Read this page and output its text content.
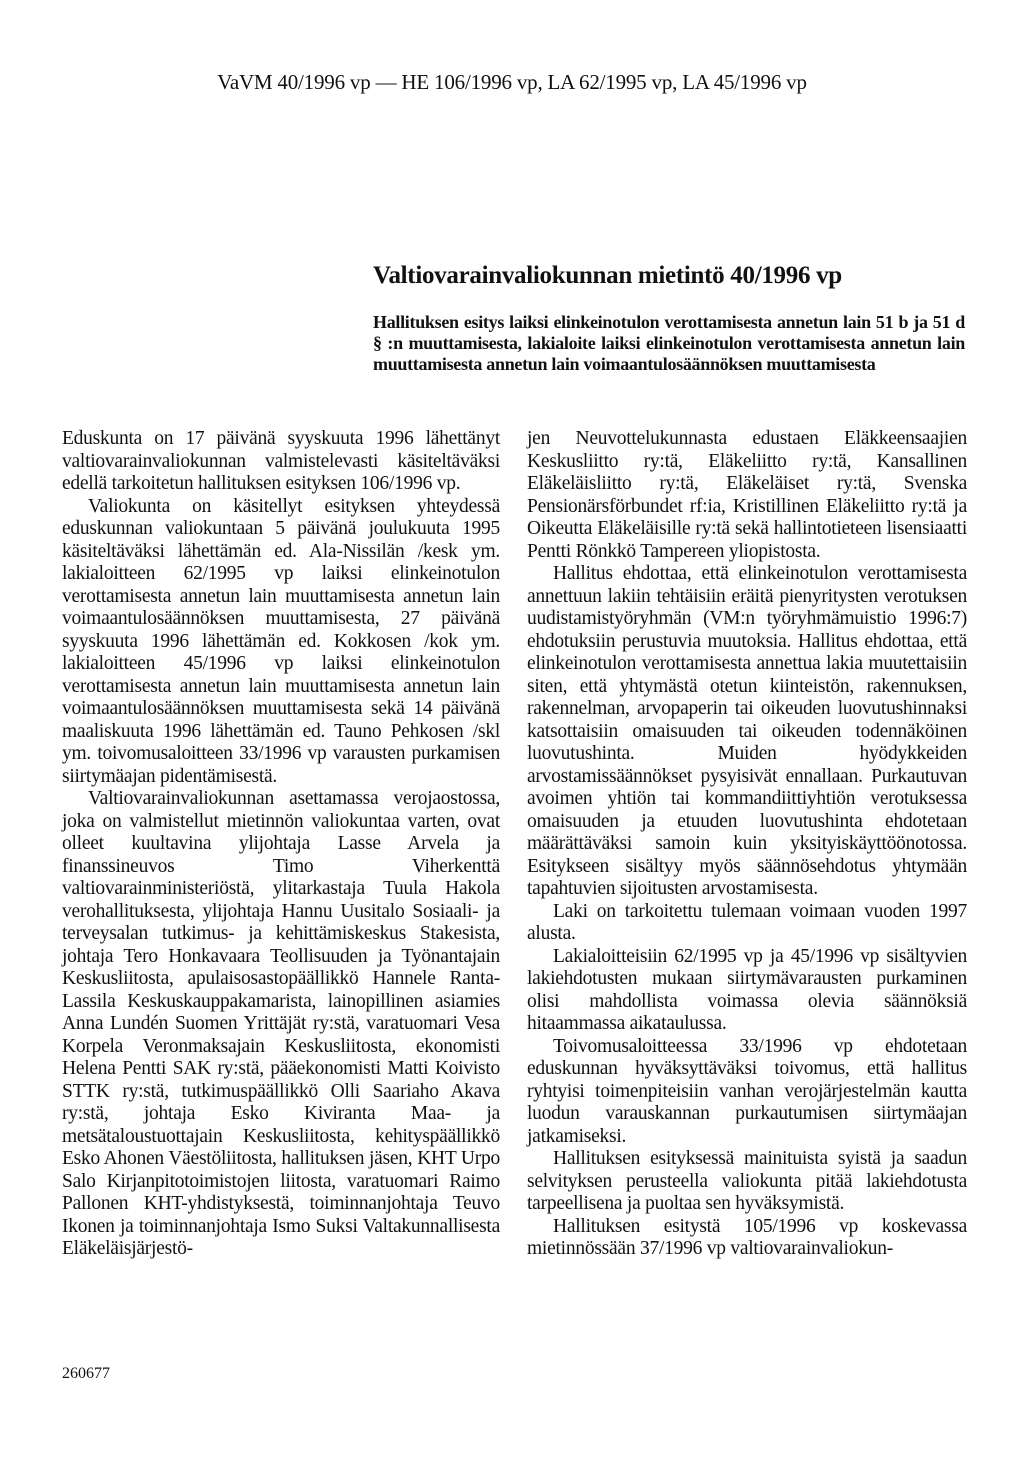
VaVM 40/1996 vp — HE 106/1996 vp, LA 62/1995 vp, LA 45/1996 vp
Valtiovarainvaliokunnan mietintö 40/1996 vp
Hallituksen esitys laiksi elinkeinotulon verottamisesta annetun lain 51 b ja 51 d § :n muuttamisesta, lakialoite laiksi elinkeinotulon verottamisesta annetun lain muuttamisesta annetun lain voimaantulosäännöksen muuttamisesta

Eduskunta on 17 päivänä syyskuuta 1996 lähettänyt valtiovarainvaliokunnan valmistelevasti käsiteltäväksi edellä tarkoitetun hallituksen esityksen 106/1996 vp.

Valiokunta on käsitellyt esityksen yhteydessä eduskunnan valiokuntaan 5 päivänä joulukuuta 1995 käsiteltäväksi lähettämän ed. Ala-Nissilän /kesk ym. lakialoitteen 62/1995 vp laiksi elinkeinotulon verottamisesta annetun lain muuttamisesta annetun lain voimaantulosäännöksen muuttamisesta, 27 päivänä syyskuuta 1996 lähettämän ed. Kokkosen /kok ym. lakialoitteen 45/1996 vp laiksi elinkeinotulon verottamisesta annetun lain muuttamisesta annetun lain voimaantulosäännöksen muuttamisesta sekä 14 päivänä maaliskuuta 1996 lähettämän ed. Tauno Pehkosen /skl ym. toivomusaloitteen 33/1996 vp varausten purkamisen siirtymäajan pidentämisestä.

Valtiovarainvaliokunnan asettamassa verojaostossa, joka on valmistellut mietinnön valiokuntaa varten, ovat olleet kuultavina ylijohtaja Lasse Arvela ja finanssineuvos Timo Viherkenttä valtiovarainministeriöstä, ylitarkastaja Tuula Hakola verohallituksesta, ylijohtaja Hannu Uusitalo Sosiaali- ja terveysalan tutkimus- ja kehittämiskeskus Stakesista, johtaja Tero Honkavaara Teollisuuden ja Työnantajain Keskusliitosta, apulaisosastopäällikkö Hannele Ranta-Lassila Keskuskauppakamarista, lainopillinen asiamies Anna Lundén Suomen Yrittäjät ry:stä, varatuomari Vesa Korpela Veronmaksajain Keskusliitosta, ekonomisti Helena Pentti SAK ry:stä, pääekonomisti Matti Koivisto STTK ry:stä, tutkimuspäällikkö Olli Saariaho Akava ry:stä, johtaja Esko Kiviranta Maa- ja metsätaloustuottajain Keskusliitosta, kehityspäällikkö Esko Ahonen Väestöliitosta, hallituksen jäsen, KHT Urpo Salo Kirjanpitotoimistojen liitosta, varatuomari Raimo Pallonen KHT-yhdistyksestä, toiminnanjohtaja Teuvo Ikonen ja toiminnanjohtaja Ismo Suksi Valtakunnallisesta Eläkeläisjärjestö-

jen Neuvottelukunnasta edustaen Eläkkeensaajien Keskusliitto ry:tä, Eläkeliitto ry:tä, Kansallinen Eläkeläisliitto ry:tä, Eläkeläiset ry:tä, Svenska Pensionärsförbundet rf:ia, Kristillinen Eläkeliitto ry:tä ja Oikeutta Eläkeläisille ry:tä sekä hallintotieteen lisensiaatti Pentti Rönkkö Tampereen yliopistosta.

Hallitus ehdottaa, että elinkeinotulon verottamisesta annettuun lakiin tehtäisiin eräitä pienyritysten verotuksen uudistamistyöryhmän (VM:n työryhmämuistio 1996:7) ehdotuksiin perustuvia muutoksia. Hallitus ehdottaa, että elinkeinotulon verottamisesta annettua lakia muutettaisiin siten, että yhtymästä otetun kiinteistön, rakennuksen, rakennelman, arvopaperin tai oikeuden luovutushinnaksi katsottaisiin omaisuuden tai oikeuden todennäköinen luovutushinta. Muiden hyödykkeiden arvostamissäännökset pysyisivät ennallaan. Purkautuvan avoimen yhtiön tai kommandiittiyhtiön verotuksessa omaisuuden ja etuuden luovutushinta ehdotetaan määrättäväksi samoin kuin yksityiskäyttöönotossa. Esitykseen sisältyy myös säännösehdotus yhtymään tapahtuvien sijoitusten arvostamisesta.

Laki on tarkoitettu tulemaan voimaan vuoden 1997 alusta.

Lakialoitteisiin 62/1995 vp ja 45/1996 vp sisältyvien lakiehdotusten mukaan siirtymävarausten purkaminen olisi mahdollista voimassa olevia säännöksiä hitaammassa aikataulussa.

Toivomusaloitteessa 33/1996 vp ehdotetaan eduskunnan hyväksyttäväksi toivomus, että hallitus ryhtyisi toimenpiteisiin vanhan verojärjestelmän kautta luodun varauskannan purkautumisen siirtymäajan jatkamiseksi.

Hallituksen esityksessä mainituista syistä ja saadun selvityksen perusteella valiokunta pitää lakiehdotusta tarpeellisena ja puoltaa sen hyväksymistä.

Hallituksen esitystä 105/1996 vp koskevassa mietinnössään 37/1996 vp valtiovarainvaliokun-

260677
